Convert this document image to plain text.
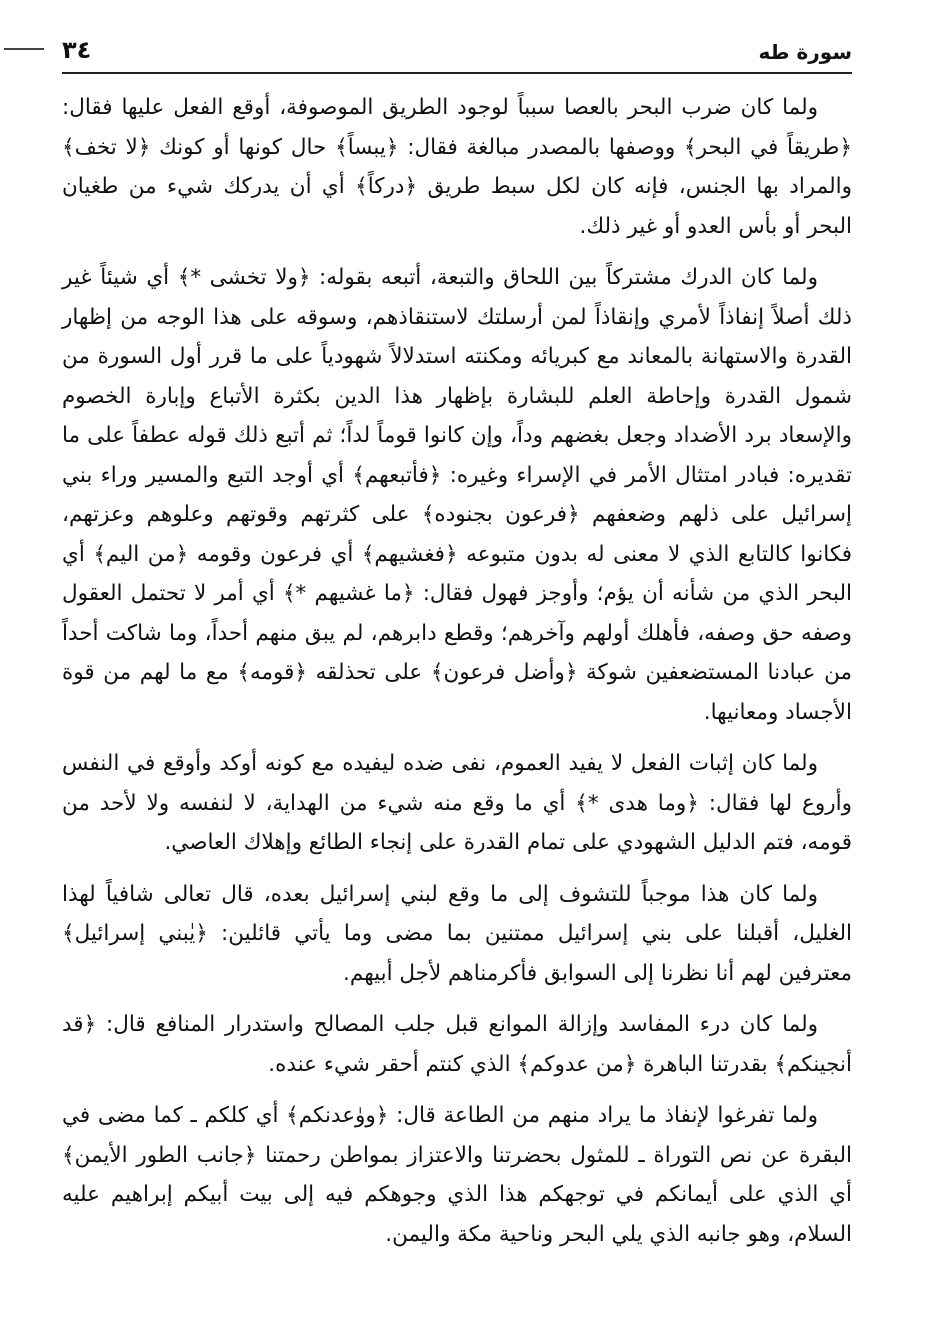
سورة طه
٣٤

ولما كان ضرب البحر بالعصا سبباً لوجود الطريق الموصوفة، أوقع الفعل عليها فقال: ﴿طريقاً في البحر﴾ ووصفها بالمصدر مبالغة فقال: ﴿يبساً﴾ حال كونها أو كونك ﴿لا تخف﴾ والمراد بها الجنس، فإنه كان لكل سبط طريق ﴿دركاً﴾ أي أن يدركك شيء من طغيان البحر أو بأس العدو أو غير ذلك.

ولما كان الدرك مشتركاً بين اللحاق والتبعة، أتبعه بقوله: ﴿ولا تخشى *﴾ أي شيئاً غير ذلك أصلاً إنفاذاً لأمري وإنقاذاً لمن أرسلتك لاستنقاذهم، وسوقه على هذا الوجه من إظهار القدرة والاستهانة بالمعاند مع كبريائه ومكنته استدلالاً شهودياً على ما قرر أول السورة من شمول القدرة وإحاطة العلم للبشارة بإظهار هذا الدين بكثرة الأتباع وإبارة الخصوم والإسعاد برد الأضداد وجعل بغضهم وداً، وإن كانوا قوماً لداً؛ ثم أتبع ذلك قوله عطفاً على ما تقديره: فبادر امتثال الأمر في الإسراء وغيره: ﴿فأتبعهم﴾ أي أوجد التبع والمسير وراء بني إسرائيل على ذلهم وضعفهم ﴿فرعون بجنوده﴾ على كثرتهم وقوتهم وعلوهم وعزتهم، فكانوا كالتابع الذي لا معنى له بدون متبوعه ﴿فغشيهم﴾ أي فرعون وقومه ﴿من اليم﴾ أي البحر الذي من شأنه أن يؤم؛ وأوجز فهول فقال: ﴿ما غشيهم *﴾ أي أمر لا تحتمل العقول وصفه حق وصفه، فأهلك أولهم وآخرهم؛ وقطع دابرهم، لم يبق منهم أحداً، وما شاكت أحداً من عبادنا المستضعفين شوكة ﴿وأضل فرعون﴾ على تحذلقه ﴿قومه﴾ مع ما لهم من قوة الأجساد ومعانيها.

ولما كان إثبات الفعل لا يفيد العموم، نفى ضده ليفيده مع كونه أوكد وأوقع في النفس وأروع لها فقال: ﴿وما هدى *﴾ أي ما وقع منه شيء من الهداية، لا لنفسه ولا لأحد من قومه، فتم الدليل الشهودي على تمام القدرة على إنجاء الطائع وإهلاك العاصي.

ولما كان هذا موجباً للتشوف إلى ما وقع لبني إسرائيل بعده، قال تعالى شافياً لهذا الغليل، أقبلنا على بني إسرائيل ممتنين بما مضى وما يأتي قائلين: ﴿يٰبني إسرائيل﴾ معترفين لهم أنا نظرنا إلى السوابق فأكرمناهم لأجل أبيهم.

ولما كان درء المفاسد وإزالة الموانع قبل جلب المصالح واستدرار المنافع قال: ﴿قد أنجينكم﴾ بقدرتنا الباهرة ﴿من عدوكم﴾ الذي كنتم أحقر شيء عنده.

ولما تفرغوا لإنفاذ ما يراد منهم من الطاعة قال: ﴿ووٰعدنكم﴾ أي كلكم ـ كما مضى في البقرة عن نص التوراة ـ للمثول بحضرتنا والاعتزاز بمواطن رحمتنا ﴿جانب الطور الأيمن﴾ أي الذي على أيمانكم في توجهكم هذا الذي وجوهكم فيه إلى بيت أبيكم إبراهيم عليه السلام، وهو جانبه الذي يلي البحر وناحية مكة واليمن.
